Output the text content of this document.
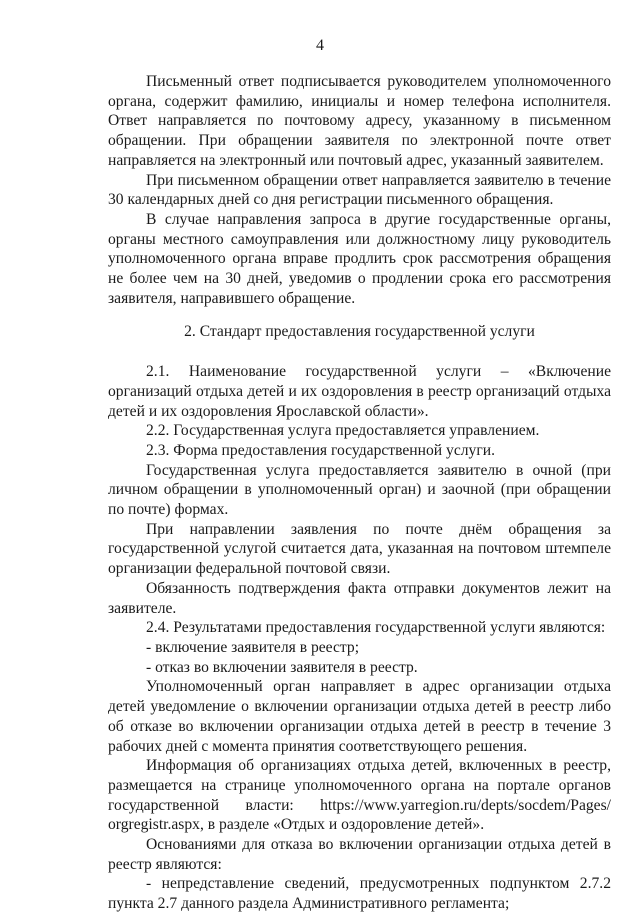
4

Письменный ответ подписывается руководителем уполномоченного органа, содержит фамилию, инициалы и номер телефона исполнителя. Ответ направляется по почтовому адресу, указанному в письменном обращении. При обращении заявителя по электронной почте ответ направляется на электронный или почтовый адрес, указанный заявителем.

При письменном обращении ответ направляется заявителю в течение 30 календарных дней со дня регистрации письменного обращения.

В случае направления запроса в другие государственные органы, органы местного самоуправления или должностному лицу руководитель уполномоченного органа вправе продлить срок рассмотрения обращения не более чем на 30 дней, уведомив о продлении срока его рассмотрения заявителя, направившего обращение.

2. Стандарт предоставления государственной услуги

2.1. Наименование государственной услуги – «Включение организаций отдыха детей и их оздоровления в реестр организаций отдыха детей и их оздоровления Ярославской области».

2.2. Государственная услуга предоставляется управлением.

2.3. Форма предоставления государственной услуги.

Государственная услуга предоставляется заявителю в очной (при личном обращении в уполномоченный орган) и заочной (при обращении по почте) формах.

При направлении заявления по почте днём обращения за государственной услугой считается дата, указанная на почтовом штемпеле организации федеральной почтовой связи.

Обязанность подтверждения факта отправки документов лежит на заявителе.

2.4. Результатами предоставления государственной услуги являются:

- включение заявителя в реестр;

- отказ во включении заявителя в реестр.

Уполномоченный орган направляет в адрес организации отдыха детей уведомление о включении организации отдыха детей в реестр либо об отказе во включении организации отдыха детей в реестр в течение 3 рабочих дней с момента принятия соответствующего решения.

Информация об организациях отдыха детей, включенных в реестр, размещается на странице уполномоченного органа на портале органов государственной власти: https://www.yarregion.ru/depts/socdem/Pages/ orgregistr.aspx, в разделе «Отдых и оздоровление детей».

Основаниями для отказа во включении организации отдыха детей в реестр являются:

- непредставление сведений, предусмотренных подпунктом 2.7.2 пункта 2.7 данного раздела Административного регламента;
